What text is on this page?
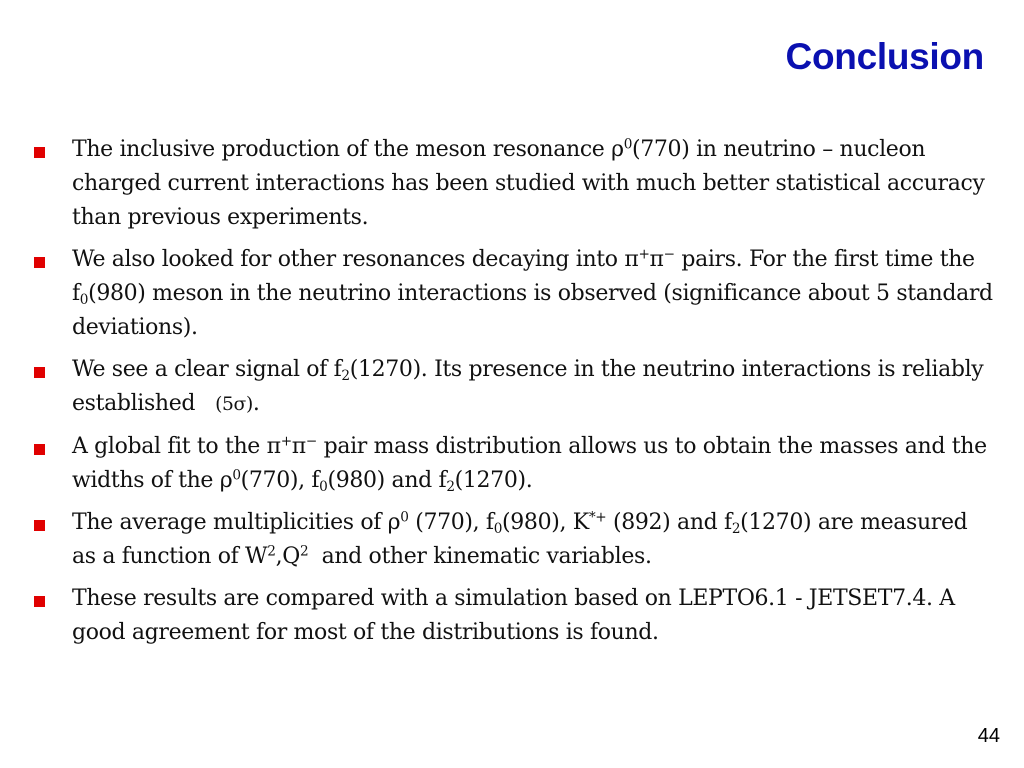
Conclusion
The inclusive production of the meson resonance $\rho^0(770)$ in neutrino – nucleon charged current interactions has been studied with much better statistical accuracy than previous experiments.
We also looked for other resonances decaying into π+π− pairs. For the first time the $f_0(980)$ meson in the neutrino interactions is observed (significance about 5 standard deviations).
We see a clear signal of $f_2(1270)$. Its presence in the neutrino interactions is reliably established   (5σ).
A global fit to the π+π− pair mass distribution allows us to obtain the masses and the widths of the $\rho^0(770)$, $f_0(980)$ and $f_2(1270)$.
The average multiplicities of $\rho^0$ (770), $f_0(980)$, K*+ (892) and $f_2(1270)$ are measured as a function of $W^2,Q^2$  and other kinematic variables.
These results are compared with a simulation based on LEPTO6.1 - JETSET7.4. A good agreement for most of the distributions is found.
44
